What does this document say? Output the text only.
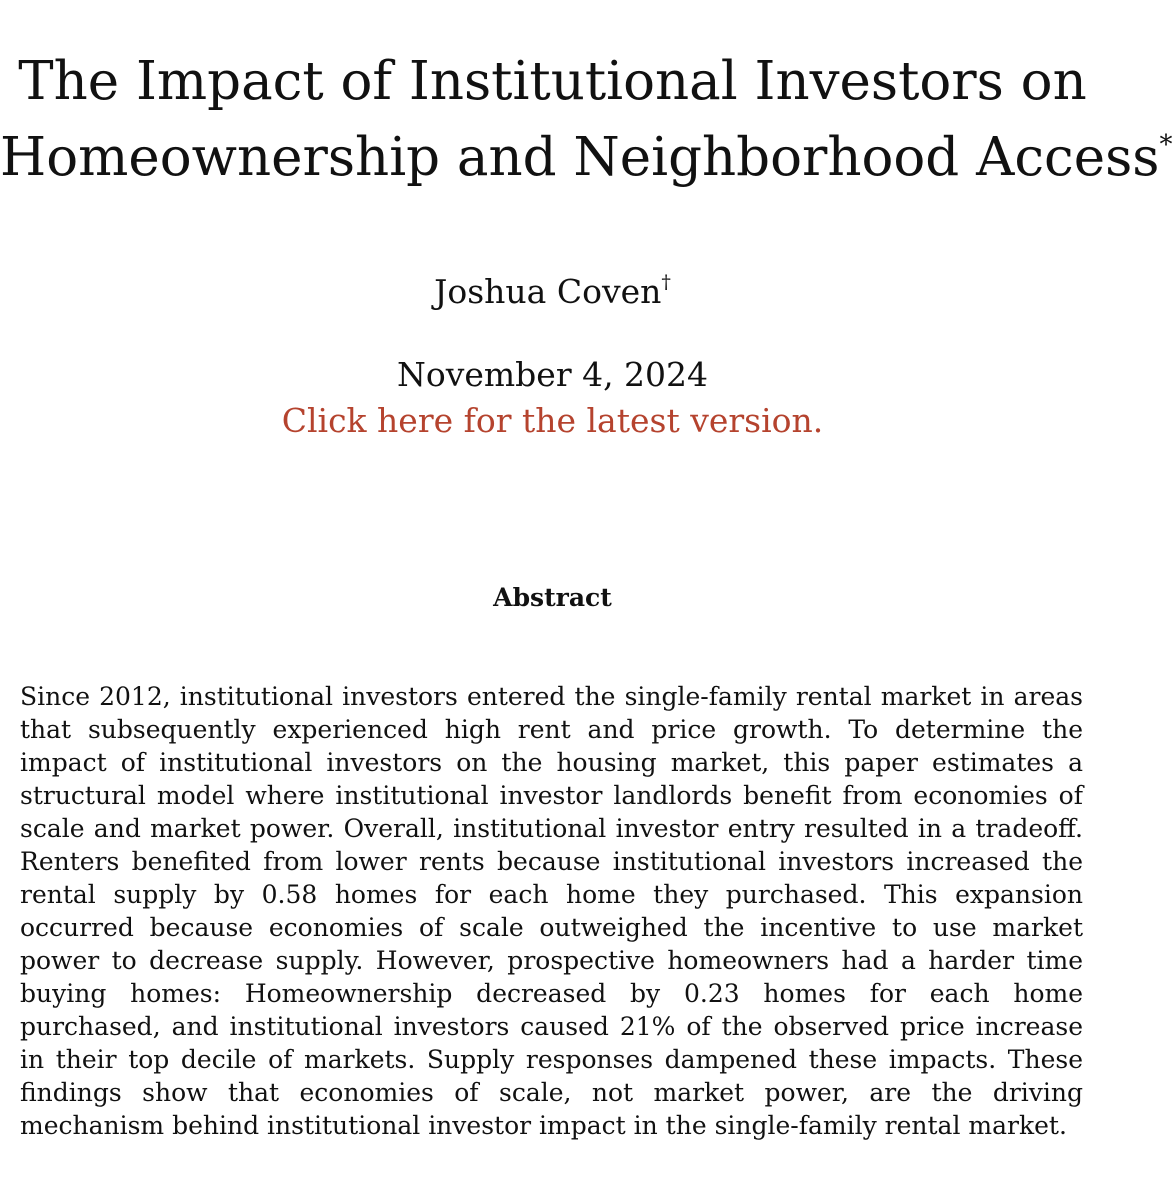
The Impact of Institutional Investors on
Homeownership and Neighborhood Access*
Joshua Coven†
November 4, 2024
Click here for the latest version.
Abstract

Since 2012, institutional investors entered the single-family rental market in areas that subsequently experienced high rent and price growth. To determine the impact of institutional investors on the housing market, this paper estimates a structural model where institutional investor landlords benefit from economies of scale and market power. Overall, institutional investor entry resulted in a tradeoff. Renters benefited from lower rents because institutional investors increased the rental supply by 0.58 homes for each home they purchased. This expansion occurred because economies of scale outweighed the incentive to use market power to decrease supply. However, prospective homeowners had a harder time buying homes: Homeownership decreased by 0.23 homes for each home purchased, and institutional investors caused 21% of the observed price increase in their top decile of markets. Supply responses dampened these impacts. These findings show that economies of scale, not market power, are the driving mechanism behind institutional investor impact in the single-family rental market.
